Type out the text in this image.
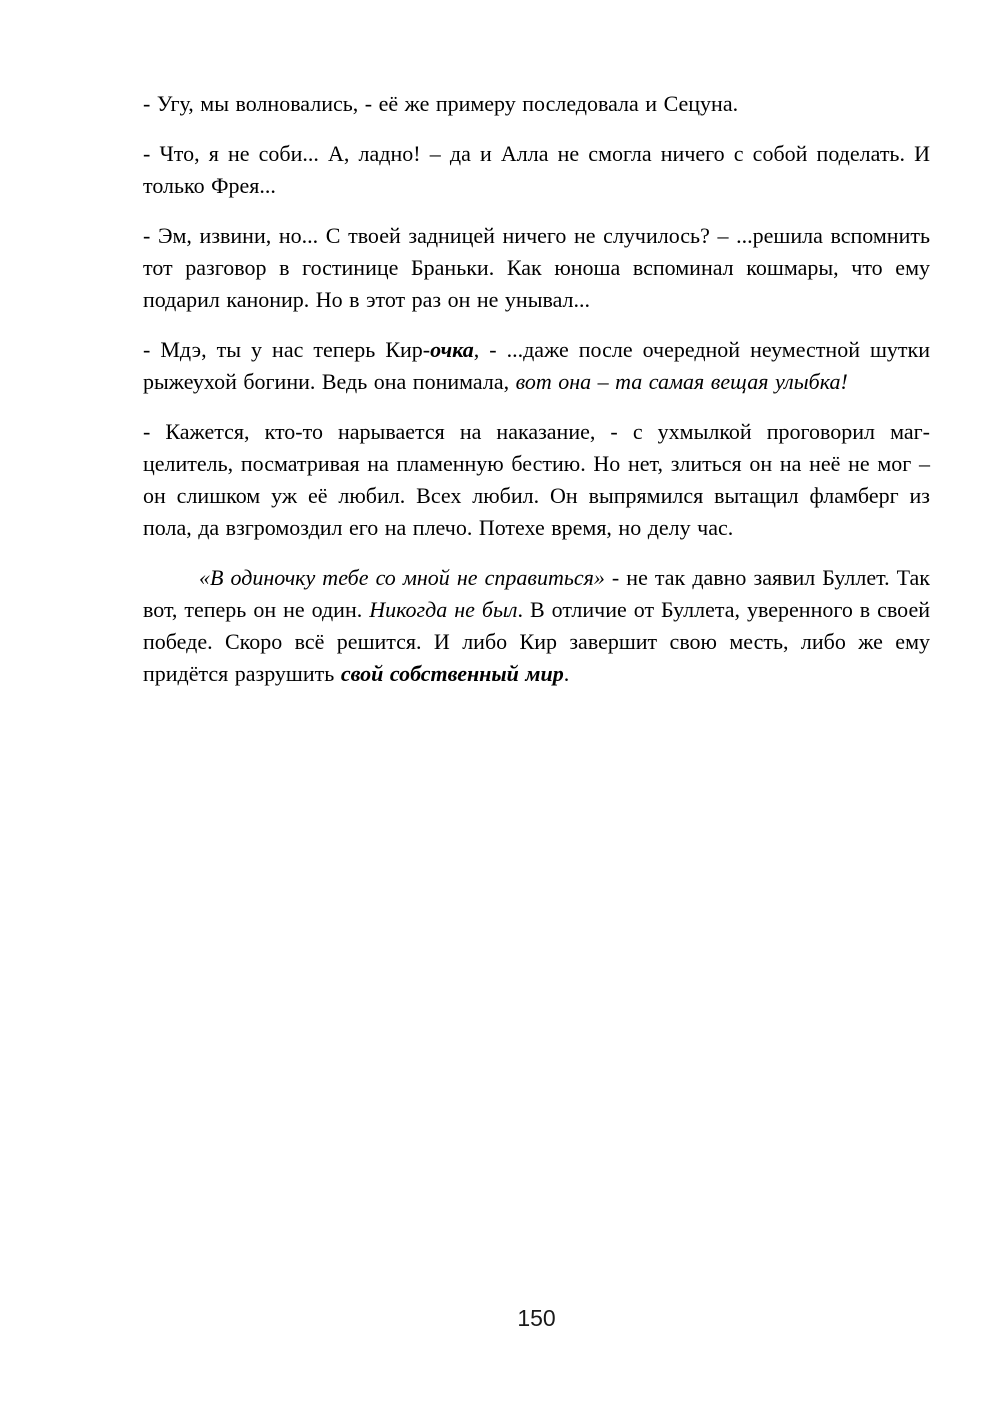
- Угу, мы волновались, - её же примеру последовала и Сецуна.

- Что, я не соби... А, ладно! – да и Алла не смогла ничего с собой поделать. И только Фрея...

- Эм, извини, но... С твоей задницей ничего не случилось? – ...решила вспомнить тот разговор в гостинице Браньки. Как юноша вспоминал кошмары, что ему подарил канонир. Но в этот раз он не унывал...

- Мдэ, ты у нас теперь Кир-очка, - ...даже после очередной неуместной шутки рыжеухой богини. Ведь она понимала, вот она – та самая вещая улыбка!

- Кажется, кто-то нарывается на наказание, - с ухмылкой проговорил маг-целитель, посматривая на пламенную бестию. Но нет, злиться он на неё не мог – он слишком уж её любил. Всех любил. Он выпрямился вытащил фламберг из пола, да взгромоздил его на плечо. Потехе время, но делу час.

«В одиночку тебе со мной не справиться» - не так давно заявил Буллет. Так вот, теперь он не один. Никогда не был. В отличие от Буллета, уверенного в своей победе. Скоро всё решится. И либо Кир завершит свою месть, либо же ему придётся разрушить свой собственный мир.

150
